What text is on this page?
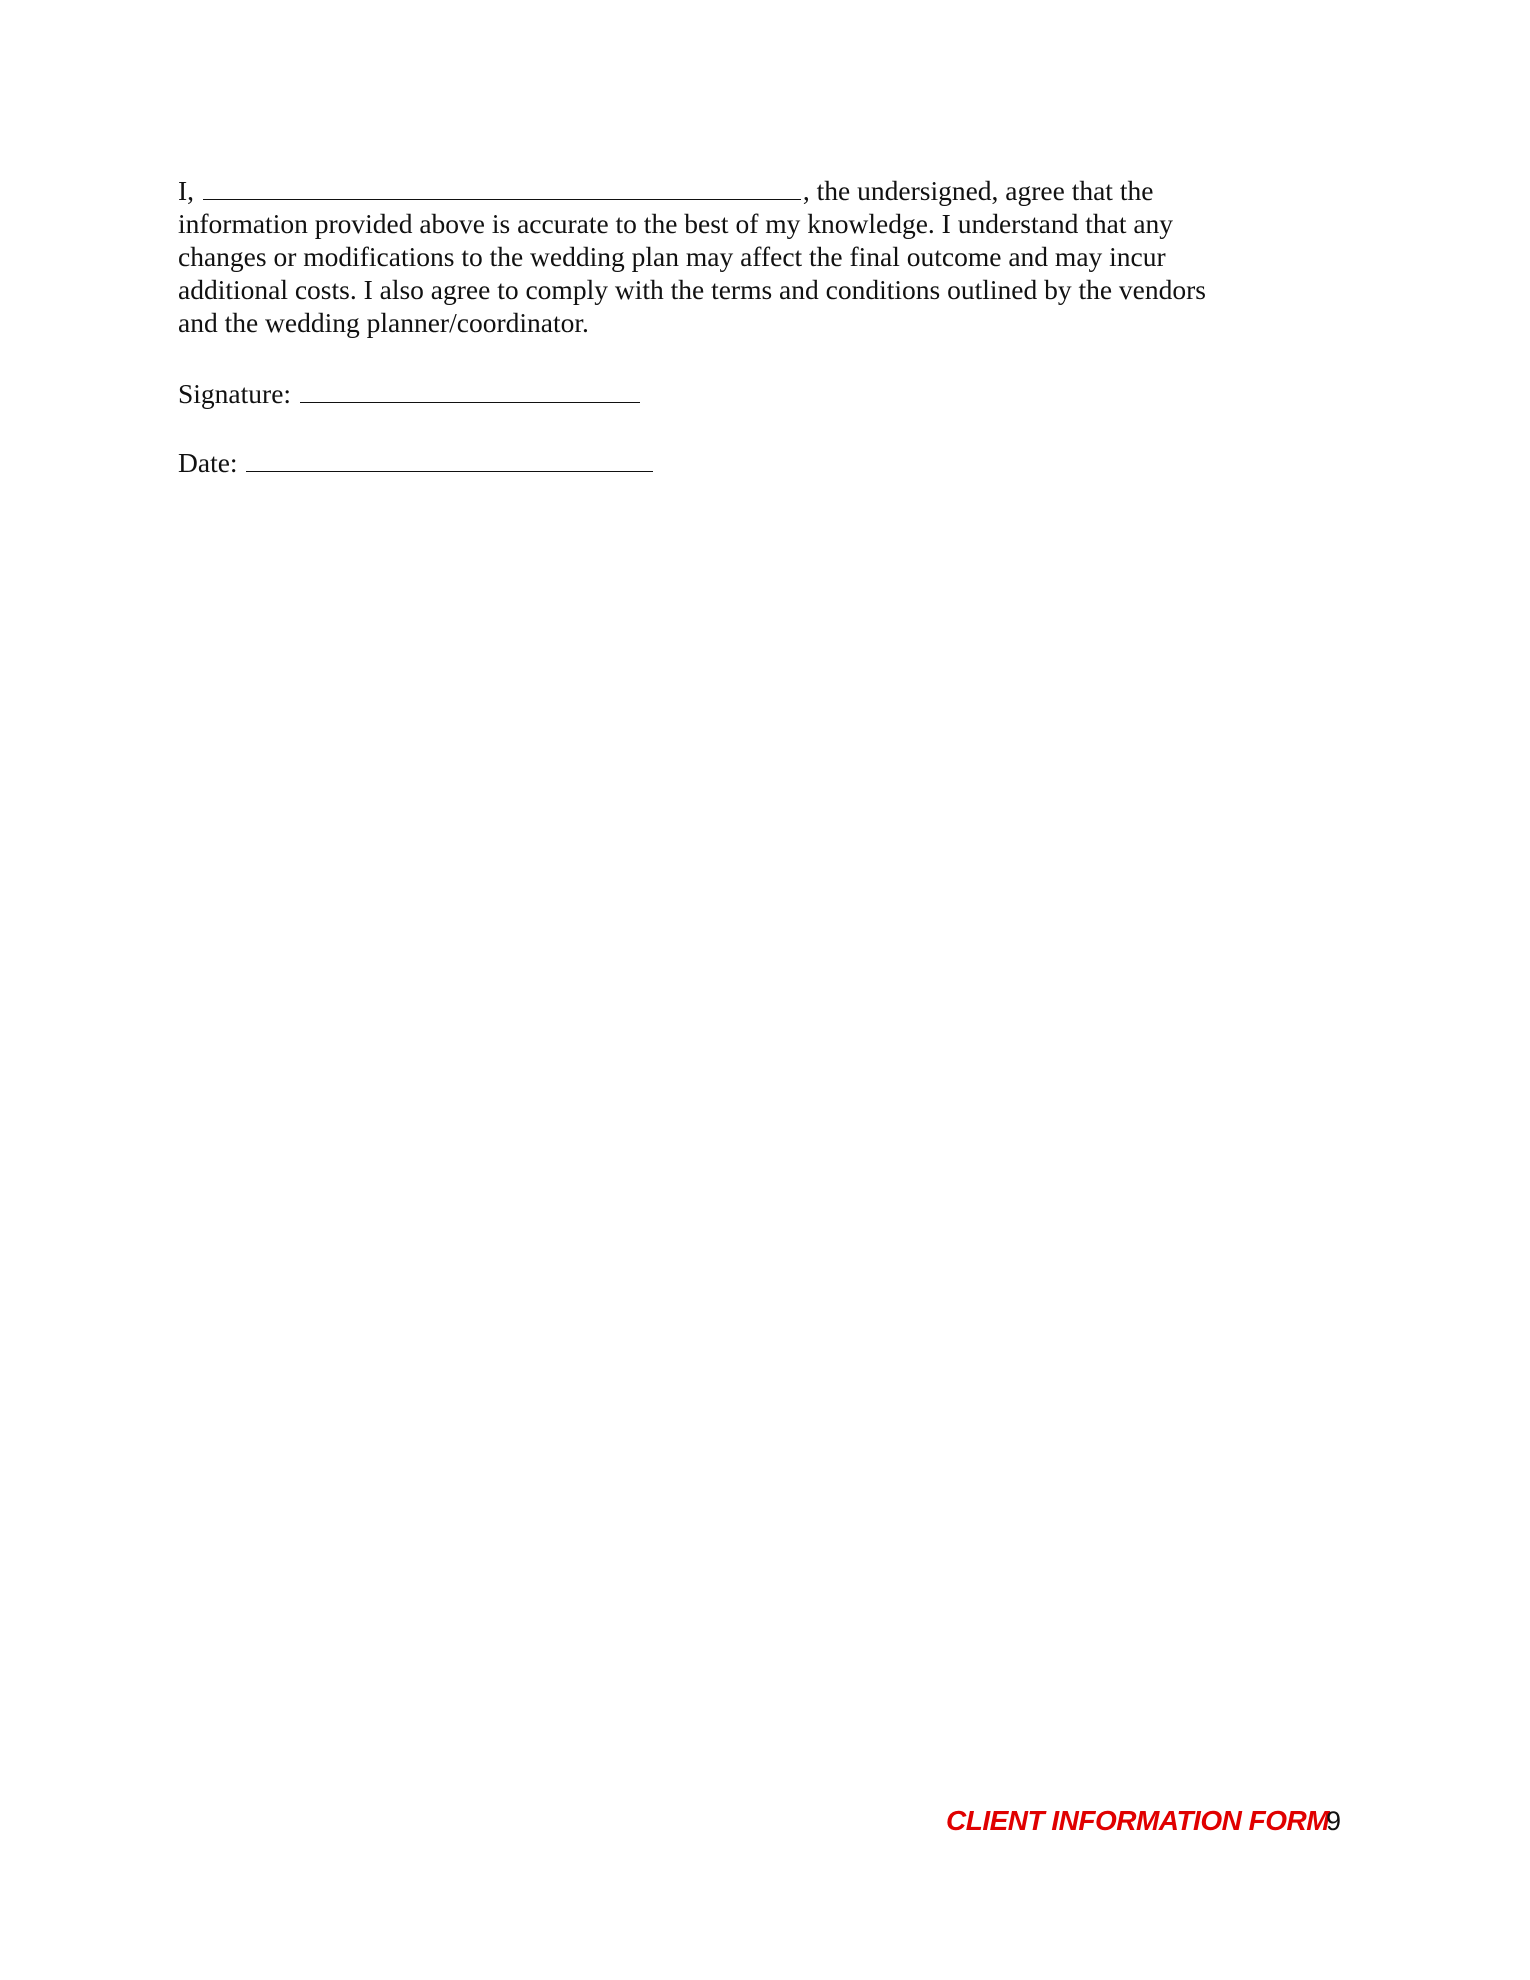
I,	, the undersigned, agree that the
information provided above is accurate to the best of my knowledge. I understand that any
changes or modifications to the wedding plan may affect the final outcome and may incur
additional costs. I also agree to comply with the terms and conditions outlined by the vendors
and the wedding planner/coordinator.
Signature:
Date:
CLIENT INFORMATION FORM
9
